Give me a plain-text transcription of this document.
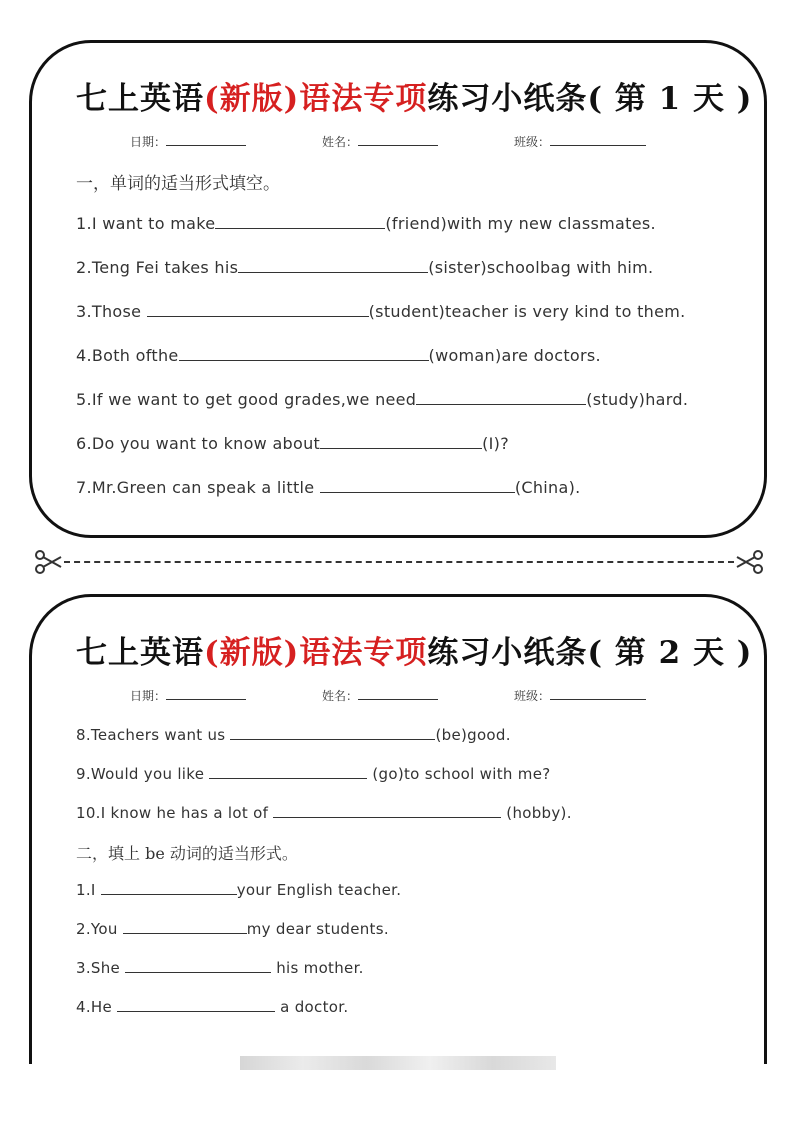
七上英语(新版)语法专项练习小纸条( 第 1 天 )
日期：	姓名：	班级：
一，单词的适当形式填空。
1.I want to make	(friend)with my new classmates.
2.Teng Fei takes his	(sister)schoolbag with him.
3.Those	(student)teacher is very kind to them.
4.Both ofthe	(woman)are doctors.
5.If we want to get good grades,we need	(study)hard.
6.Do you want to know about	(I)?
7.Mr.Green can speak a little	(China).
七上英语(新版)语法专项练习小纸条( 第 2 天 )
日期：	姓名：	班级：
8.Teachers want us	(be)good.
9.Would you like	(go)to school with me?
10.I know he has a lot of	(hobby).
二，填上 be 动词的适当形式。
1.I	your English teacher.
2.You	my dear students.
3.She	his mother.
4.He	a doctor.
